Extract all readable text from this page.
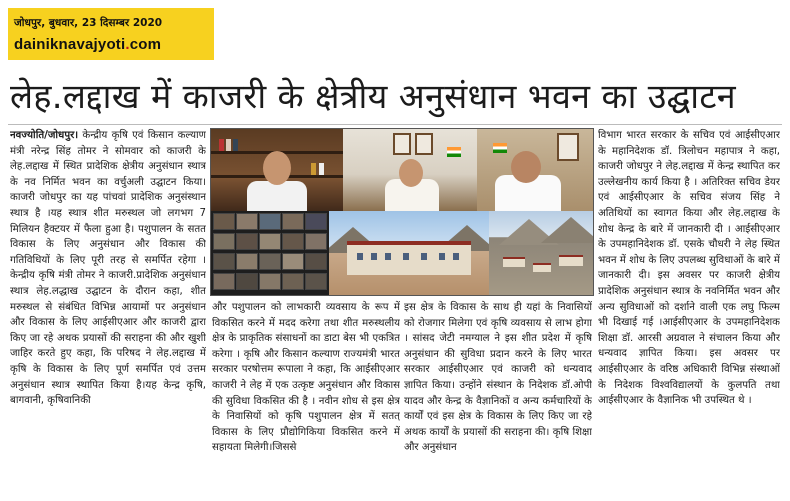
जोधपुर, बुधवार, 23 दिसम्बर 2020
dainiknavajyoti.com
लेह.लद्दाख में काजरी के क्षेत्रीय अनुसंधान भवन का उद्घाटन

नवज्योति/जोधपुर। केन्द्रीय कृषि एवं किसान कल्याण मंत्री नरेन्द्र सिंह तोमर ने सोमवार को काजरी के लेह.लद्दाख में स्थित प्रादेशिक क्षेत्रीय अनुसंधान स्थात्र के नव निर्मित भवन का वर्चुअली उद्घाटन किया। काजरी जोधपुर का यह पांचवां प्रादेशिक अनुसंस्थान स्थात्र है ।यह स्थात्र शीत मरुस्थल जो लगभग 7 मिलियन हैक्टयर में फैला हुआ है। पशुपालन के सतत विकास के लिए अनुसंधान और विकास की गतिविधियों के लिए पूरी तरह से समर्पित रहेगा । केन्द्रीय कृषि मंत्री तोमर ने काजरी.प्रादेशिक अनुसंधान स्थात्र लेह.लद्धाख उद्घाटन के दौरान कहा, शीत मरुस्थल से संबंधित विभिन्न आयामों पर अनुसंधान और विकास के लिए आईसीएआर और काजरी द्वारा किए जा रहे अथक प्रयासों की सराहना की और खुशी जाहिर करते हुए कहा, कि परिषद ने लेह.लद्दाख में कृषि के विकास के लिए पूर्ण समर्पित एवं उत्तम अनुसंधान स्थात्र स्थापित किया है।यह केन्द्र कृषि, बागवानी, कृषिवानिकी

और पशुपालन को लाभकारी व्यवसाय के रूप में विकसित करने में मदद करेगा तथा शीत मरुस्थलीय क्षेत्र के प्राकृतिक संसाधनों का डाटा बेस भी एकत्रित करेगा । कृषि और किसान कल्याण राज्यमंत्री भारत सरकार परषोत्तम रूपाला ने कहा, कि आईसीएआर काजरी ने लेह में एक उत्कृष्ट अनुसंधान और विकास की सुविधा विकसित की है । नवीन शोध से इस क्षेत्र के निवासियों को कृषि पशुपालन क्षेत्र में सतत् विकास के लिए प्रौद्योगिकिया विकसित करने में सहायता मिलेगी।जिससे

इस क्षेत्र के विकास के साथ ही यहां के निवासियों को रोजगार मिलेगा एवं कृषि व्यवसाय से लाभ होगा । सांसद जेटी नमग्याल ने इस शीत प्रदेश में कृषि अनुसंधान की सुविधा प्रदान करने के लिए भारत सरकार आईसीएआर एवं काजरी को धन्यवाद ज्ञापित किया। उन्होंने संस्थान के निदेशक डॉ.ओपी यादव और केन्द्र के वैज्ञानिकों व अन्य कर्मचारियों के कार्यों एवं इस क्षेत्र के विकास के लिए किए जा रहे अथक कार्यों के प्रयासों की सराहना की। कृषि शिक्षा और अनुसंधान

विभाग भारत सरकार के सचिव एवं आईसीएआर के महानिदेशक डॉ. त्रिलोचन महापात्र ने कहा, काजरी जोधपुर ने लेह.लद्दाख में केन्द्र स्थापित कर उल्लेखनीय कार्य किया है । अतिरिक्त सचिव डेयर एवं आईसीएआर के सचिव संजय सिंह ने अतिथियों का स्वागत किया और लेह.लद्दाख के शोध केन्द्र के बारे में जानकारी दी । आईसीएआर के उपमहानिदेशक डॉ. एसके चौधरी ने लेह स्थित भवन में शोध के लिए उपलब्ध सुविधाओं के बारे में जानकारी दी। इस अवसर पर काजरी क्षेत्रीय प्रादेशिक अनुसंधान स्थात्र के नवनिर्मित भवन और अन्य सुविधाओं को दर्शाने वाली एक लघु फिल्म भी दिखाई गई ।आईसीएआर के उपमहानिदेशक शिक्षा डॉ. आरसी अग्रवाल ने संचालन किया और धन्यवाद ज्ञापित किया। इस अवसर पर आईसीएआर के वरिष्ठ अधिकारी विभिन्न संस्थाओं के निदेशक विश्वविद्यालयों के कुलपति तथा आईसीएआर के वैज्ञानिक भी उपस्थित थे ।
